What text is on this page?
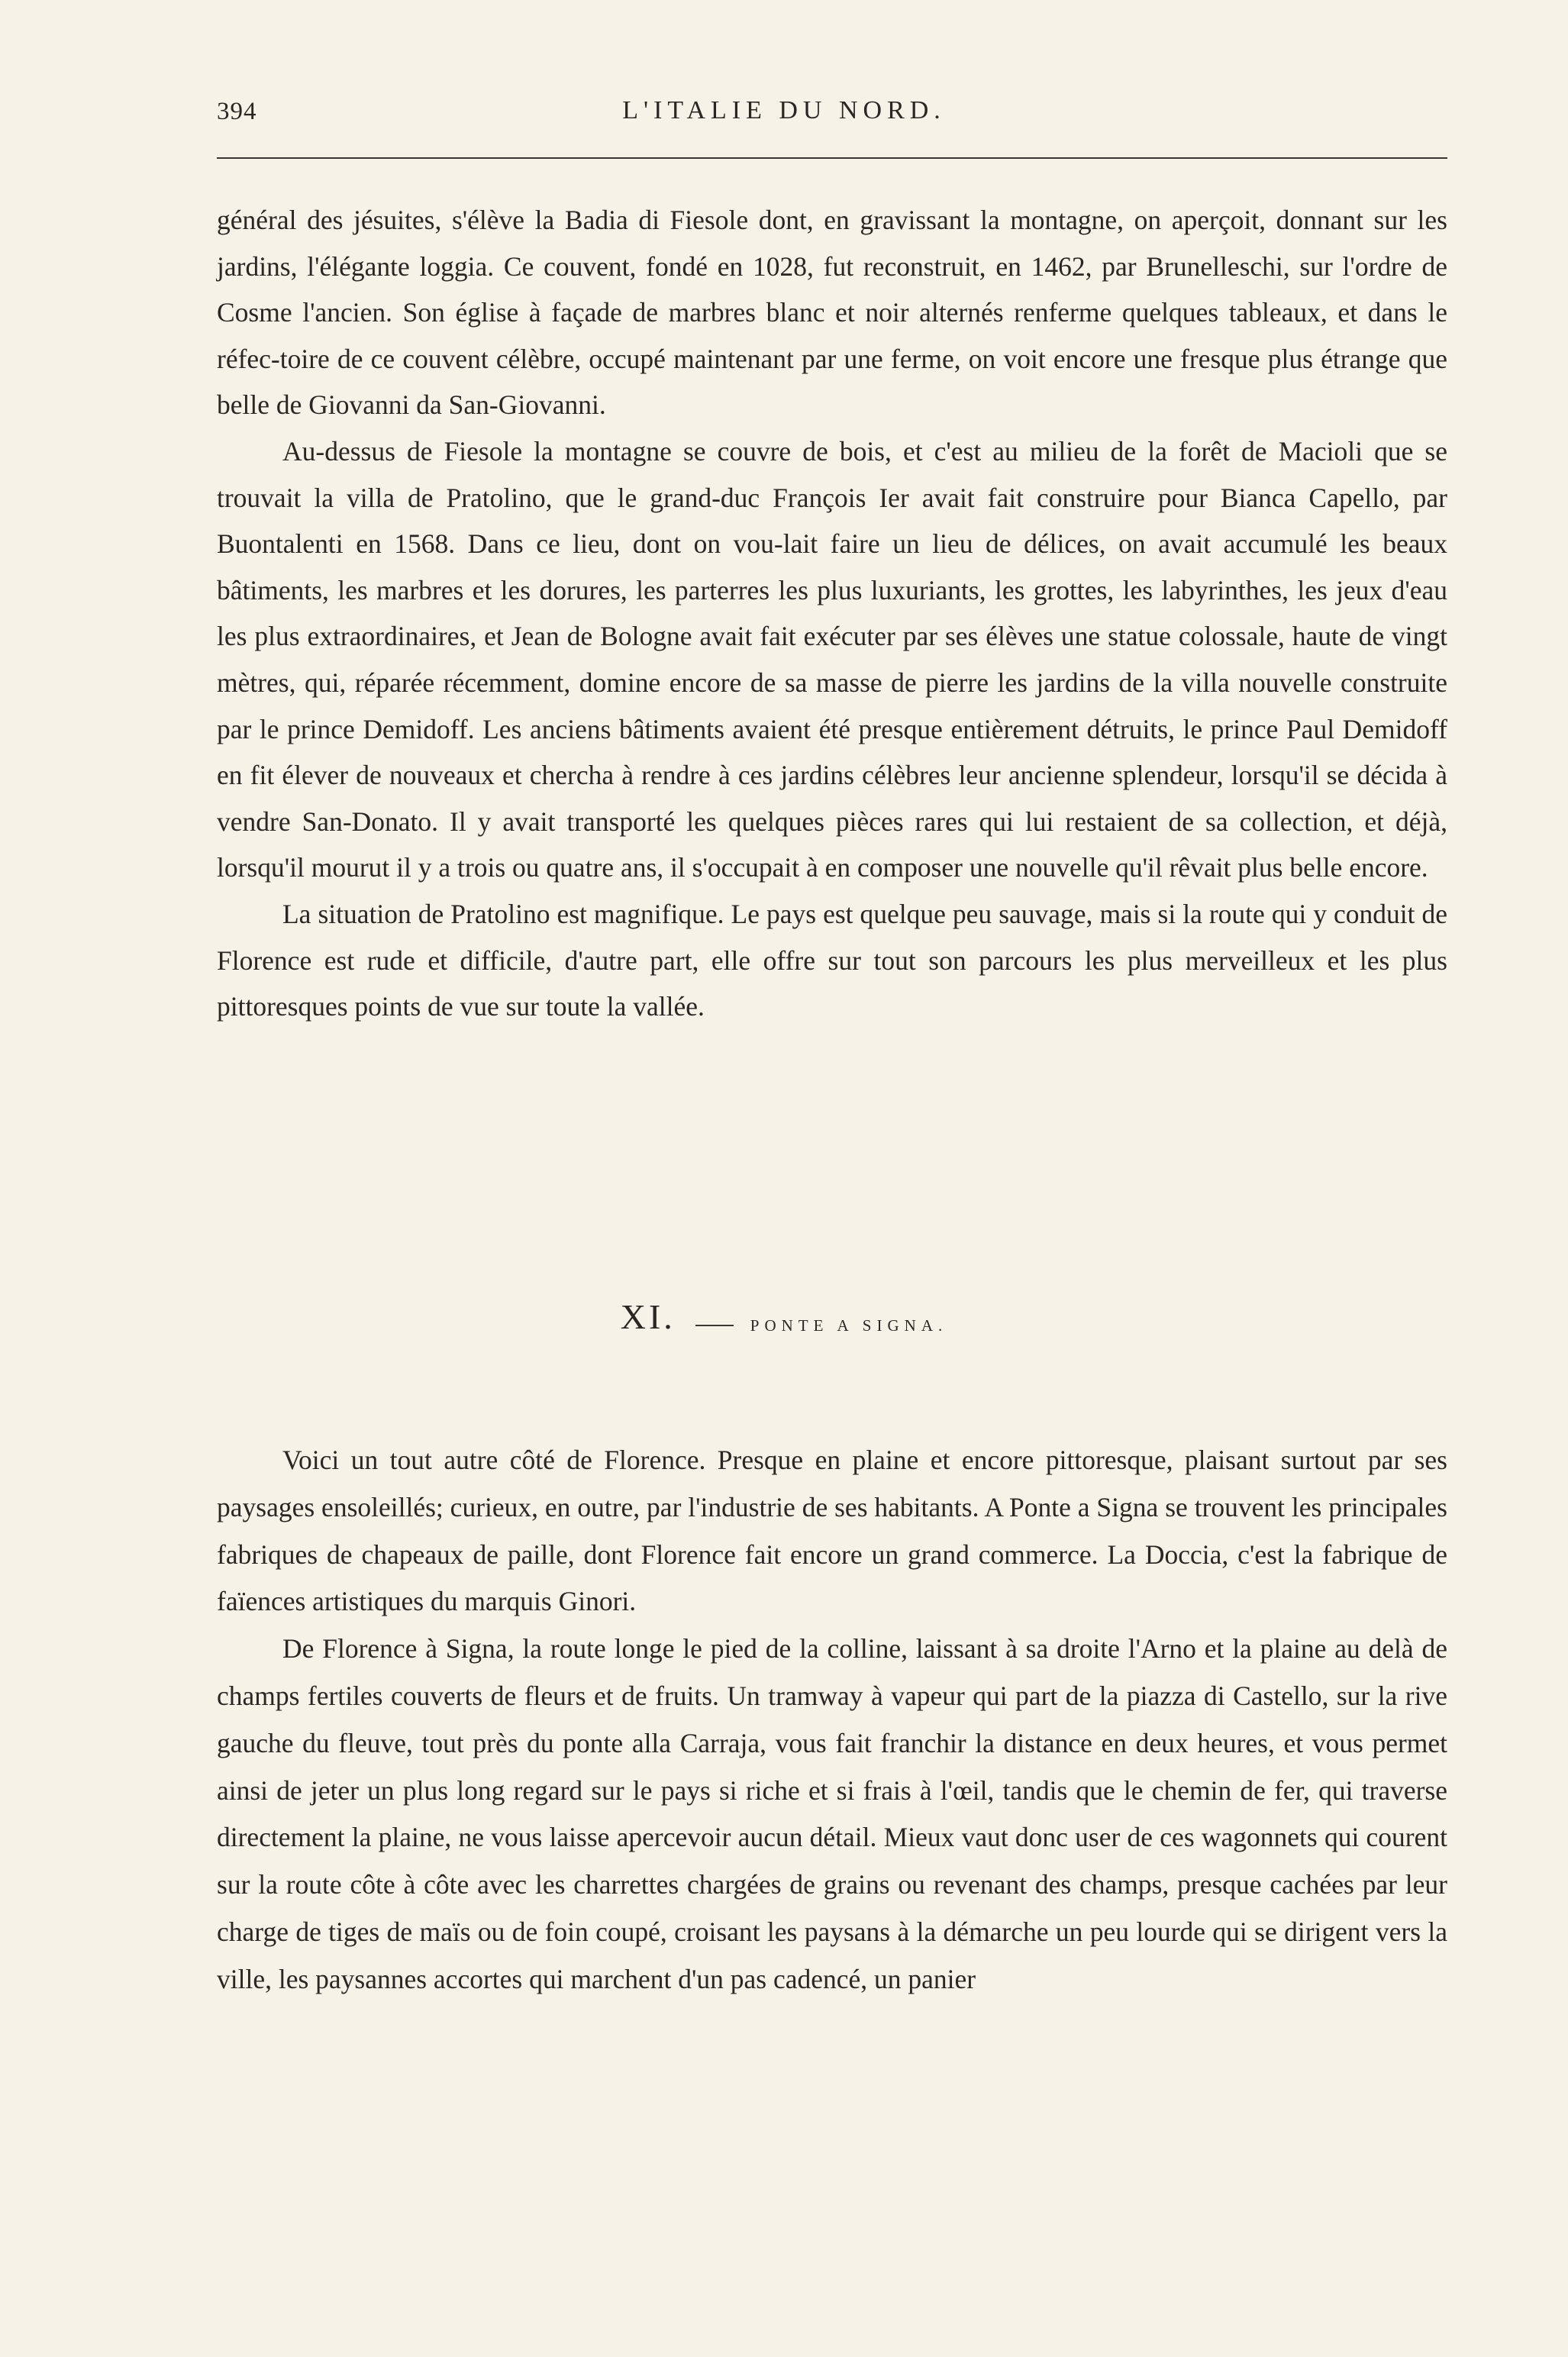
394	L'ITALIE DU NORD.

général des jésuites, s'élève la Badia di Fiesole dont, en gravissant la montagne, on aperçoit, donnant sur les jardins, l'élégante loggia. Ce couvent, fondé en 1028, fut reconstruit, en 1462, par Brunelleschi, sur l'ordre de Cosme l'ancien. Son église à façade de marbres blanc et noir alternés renferme quelques tableaux, et dans le réfec-toire de ce couvent célèbre, occupé maintenant par une ferme, on voit encore une fresque plus étrange que belle de Giovanni da San-Giovanni.

Au-dessus de Fiesole la montagne se couvre de bois, et c'est au milieu de la forêt de Macioli que se trouvait la villa de Pratolino, que le grand-duc François Ier avait fait construire pour Bianca Capello, par Buontalenti en 1568. Dans ce lieu, dont on vou-lait faire un lieu de délices, on avait accumulé les beaux bâtiments, les marbres et les dorures, les parterres les plus luxuriants, les grottes, les labyrinthes, les jeux d'eau les plus extraordinaires, et Jean de Bologne avait fait exécuter par ses élèves une statue colossale, haute de vingt mètres, qui, réparée récemment, domine encore de sa masse de pierre les jardins de la villa nouvelle construite par le prince Demidoff. Les anciens bâtiments avaient été presque entièrement détruits, le prince Paul Demidoff en fit élever de nouveaux et chercha à rendre à ces jardins célèbres leur ancienne splendeur, lorsqu'il se décida à vendre San-Donato. Il y avait transporté les quelques pièces rares qui lui restaient de sa collection, et déjà, lorsqu'il mourut il y a trois ou quatre ans, il s'occupait à en composer une nouvelle qu'il rêvait plus belle encore.

La situation de Pratolino est magnifique. Le pays est quelque peu sauvage, mais si la route qui y conduit de Florence est rude et difficile, d'autre part, elle offre sur tout son parcours les plus merveilleux et les plus pittoresques points de vue sur toute la vallée.

XI.	PONTE A SIGNA.

Voici un tout autre côté de Florence. Presque en plaine et encore pittoresque, plaisant surtout par ses paysages ensoleillés; curieux, en outre, par l'industrie de ses habitants. A Ponte a Signa se trouvent les principales fabriques de chapeaux de paille, dont Florence fait encore un grand commerce. La Doccia, c'est la fabrique de faïences artistiques du marquis Ginori.

De Florence à Signa, la route longe le pied de la colline, laissant à sa droite l'Arno et la plaine au delà de champs fertiles couverts de fleurs et de fruits. Un tramway à vapeur qui part de la piazza di Castello, sur la rive gauche du fleuve, tout près du ponte alla Carraja, vous fait franchir la distance en deux heures, et vous permet ainsi de jeter un plus long regard sur le pays si riche et si frais à l'œil, tandis que le chemin de fer, qui traverse directement la plaine, ne vous laisse apercevoir aucun détail. Mieux vaut donc user de ces wagonnets qui courent sur la route côte à côte avec les charrettes chargées de grains ou revenant des champs, presque cachées par leur charge de tiges de maïs ou de foin coupé, croisant les paysans à la démarche un peu lourde qui se dirigent vers la ville, les paysannes accortes qui marchent d'un pas cadencé, un panier
